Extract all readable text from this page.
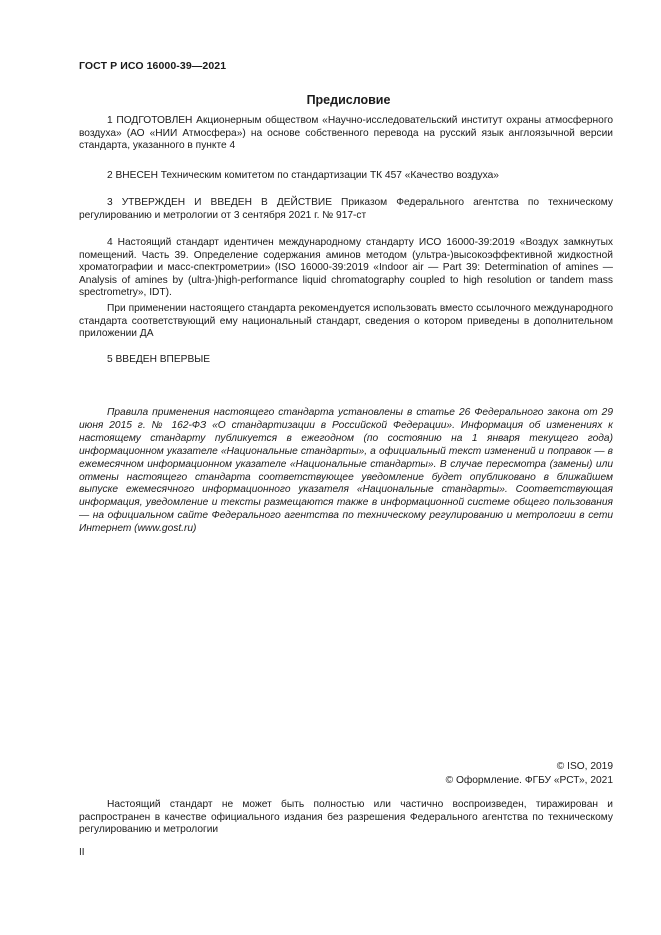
ГОСТ Р ИСО 16000-39—2021
Предисловие

1 ПОДГОТОВЛЕН Акционерным обществом «Научно-исследовательский институт охраны атмосферного воздуха» (АО «НИИ Атмосфера») на основе собственного перевода на русский язык англоязычной версии стандарта, указанного в пункте 4

2 ВНЕСЕН Техническим комитетом по стандартизации ТК 457 «Качество воздуха»

3 УТВЕРЖДЕН И ВВЕДЕН В ДЕЙСТВИЕ Приказом Федерального агентства по техническому регулированию и метрологии от 3 сентября 2021 г. № 917-ст

4 Настоящий стандарт идентичен международному стандарту ИСО 16000-39:2019 «Воздух замкнутых помещений. Часть 39. Определение содержания аминов методом (ультра-)высокоэффективной жидкостной хроматографии и масс-спектрометрии» (ISO 16000-39:2019 «Indoor air — Part 39: Determination of amines — Analysis of amines by (ultra-)high-performance liquid chromatography coupled to high resolution or tandem mass spectrometry», IDT).

При применении настоящего стандарта рекомендуется использовать вместо ссылочного международного стандарта соответствующий ему национальный стандарт, сведения о котором приведены в дополнительном приложении ДА

5 ВВЕДЕН ВПЕРВЫЕ

Правила применения настоящего стандарта установлены в статье 26 Федерального закона от 29 июня 2015 г. № 162-ФЗ «О стандартизации в Российской Федерации». Информация об изменениях к настоящему стандарту публикуется в ежегодном (по состоянию на 1 января текущего года) информационном указателе «Национальные стандарты», а официальный текст изменений и поправок — в ежемесячном информационном указателе «Национальные стандарты». В случае пересмотра (замены) или отмены настоящего стандарта соответствующее уведомление будет опубликовано в ближайшем выпуске ежемесячного информационного указателя «Национальные стандарты». Соответствующая информация, уведомление и тексты размещаются также в информационной системе общего пользования — на официальном сайте Федерального агентства по техническому регулированию и метрологии в сети Интернет (www.gost.ru)

© ISO, 2019
© Оформление. ФГБУ «РСТ», 2021

Настоящий стандарт не может быть полностью или частично воспроизведен, тиражирован и распространен в качестве официального издания без разрешения Федерального агентства по техническому регулированию и метрологии

II
